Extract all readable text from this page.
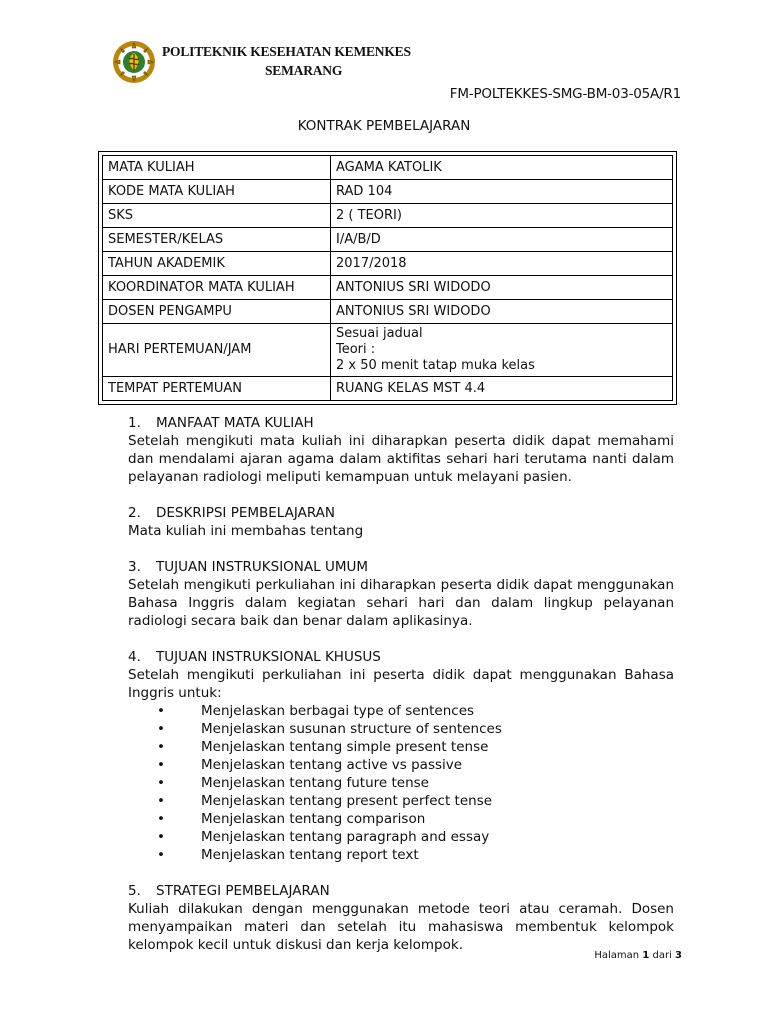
POLITEKNIK KESEHATAN KEMENKES
SEMARANG
FM-POLTEKKES-SMG-BM-03-05A/R1
KONTRAK PEMBELAJARAN
MATA KULIAH	AGAMA KATOLIK
KODE MATA KULIAH	RAD 104
SKS	2 ( TEORI)
SEMESTER/KELAS	I/A/B/D
TAHUN AKADEMIK	2017/2018
KOORDINATOR MATA KULIAH	ANTONIUS SRI WIDODO
DOSEN PENGAMPU	ANTONIUS SRI WIDODO
HARI PERTEMUAN/JAM	Sesuai jadual
Teori :
2 x 50 menit tatap muka kelas

TEMPAT PERTEMUAN	RUANG KELAS MST 4.4
1.	MANFAAT MATA KULIAH

Setelah mengikuti mata kuliah ini diharapkan peserta didik dapat memahami dan mendalami ajaran agama dalam aktifitas sehari hari terutama nanti dalam pelayanan radiologi meliputi kemampuan untuk melayani pasien.

2.	DESKRIPSI PEMBELAJARAN

Mata kuliah ini membahas tentang

3.	TUJUAN INSTRUKSIONAL UMUM

Setelah mengikuti perkuliahan ini diharapkan peserta didik dapat menggunakan Bahasa Inggris dalam kegiatan sehari hari dan dalam lingkup pelayanan radiologi secara baik dan benar dalam aplikasinya.

4.	TUJUAN INSTRUKSIONAL KHUSUS

Setelah mengikuti perkuliahan ini peserta didik dapat menggunakan Bahasa Inggris untuk:

•	Menjelaskan berbagai type of sentences
•	Menjelaskan susunan structure of sentences
•	Menjelaskan tentang simple present tense
•	Menjelaskan tentang active vs passive
•	Menjelaskan tentang future tense
•	Menjelaskan tentang present perfect tense
•	Menjelaskan tentang comparison
•	Menjelaskan tentang paragraph and essay
•	Menjelaskan tentang report text
5.	STRATEGI PEMBELAJARAN

Kuliah dilakukan dengan menggunakan metode teori atau ceramah. Dosen menyampaikan materi dan setelah itu mahasiswa membentuk kelompok kelompok kecil untuk diskusi dan kerja kelompok.

Halaman 1 dari 3
